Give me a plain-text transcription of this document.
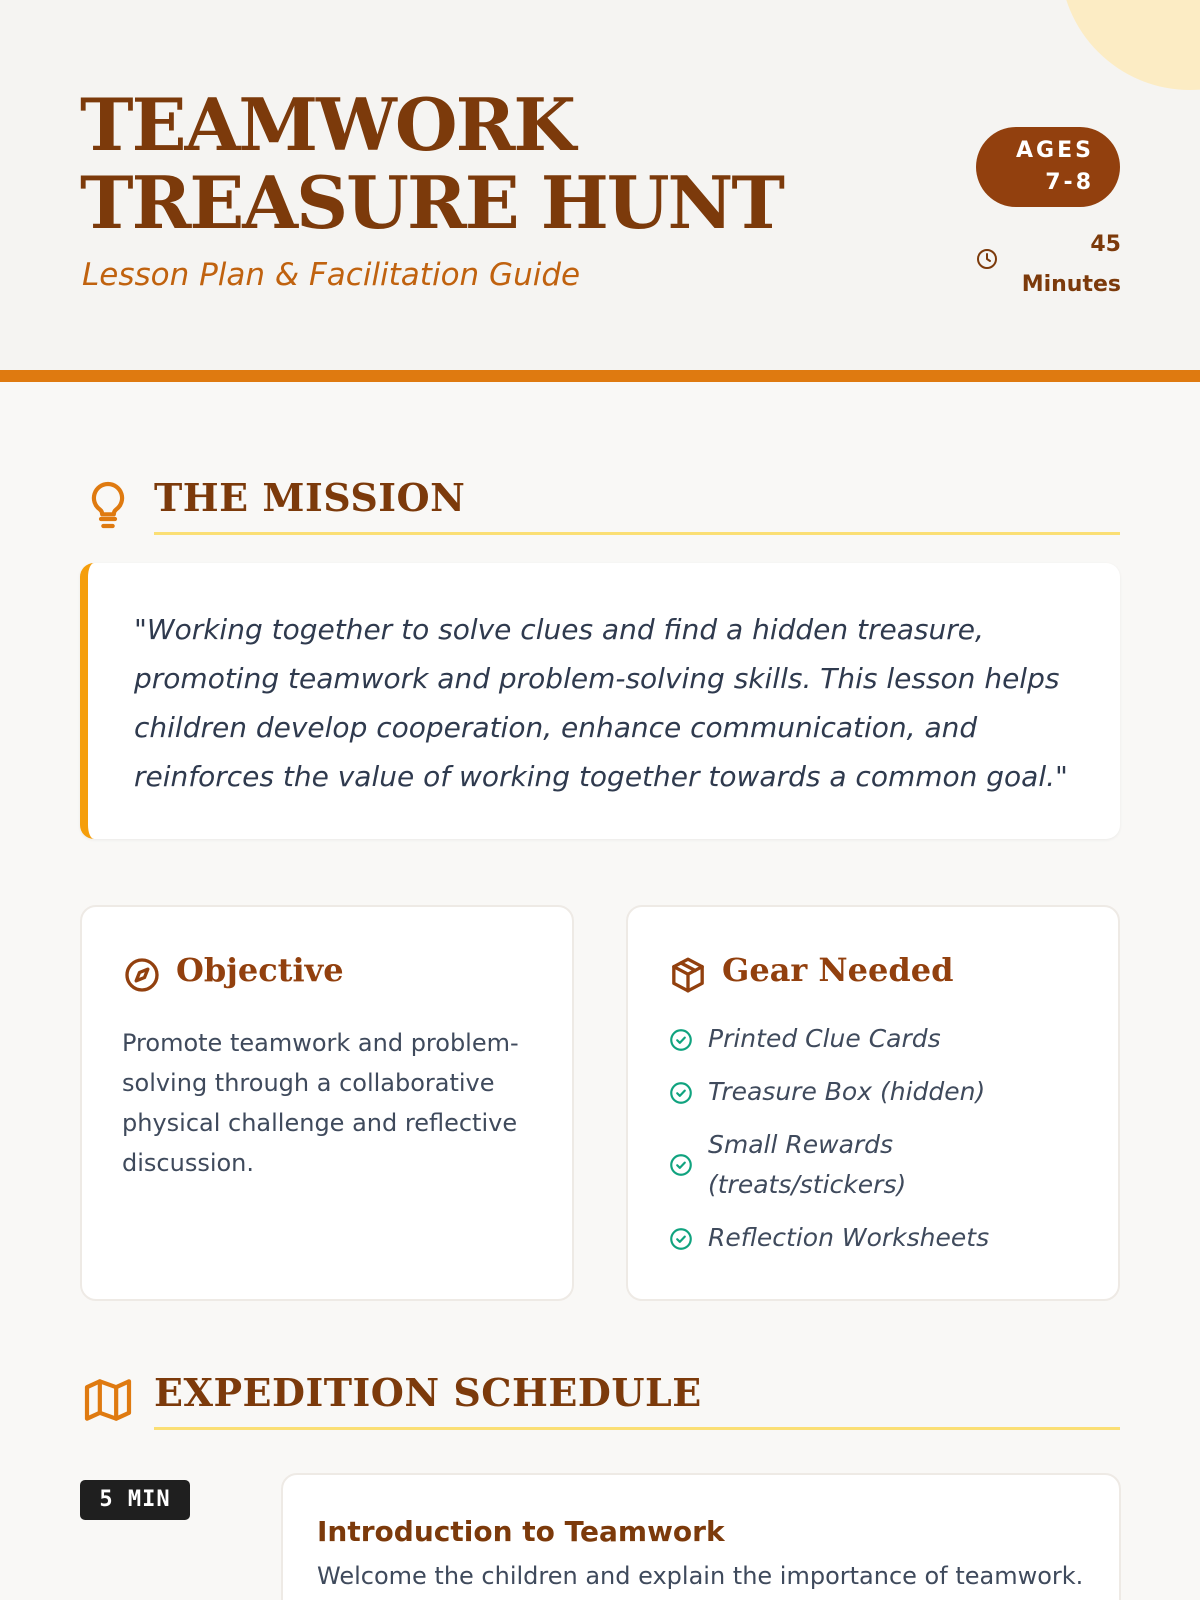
TEAMWORK
TREASURE HUNT
Lesson Plan & Facilitation Guide
AGES
7-8
45
Minutes
THE MISSION

"Working together to solve clues and find a hidden treasure, promoting teamwork and problem-solving skills. This lesson helps children develop cooperation, enhance communication, and reinforces the value of working together towards a common goal."

Objective
Promote teamwork and problem-solving through a collaborative physical challenge and reflective discussion.
Gear Needed
Printed Clue Cards
Treasure Box (hidden)
Small Rewards (treats/stickers)
Reflection Worksheets
EXPEDITION SCHEDULE
5 MIN
Introduction to Teamwork
Welcome the children and explain the importance of teamwork.
